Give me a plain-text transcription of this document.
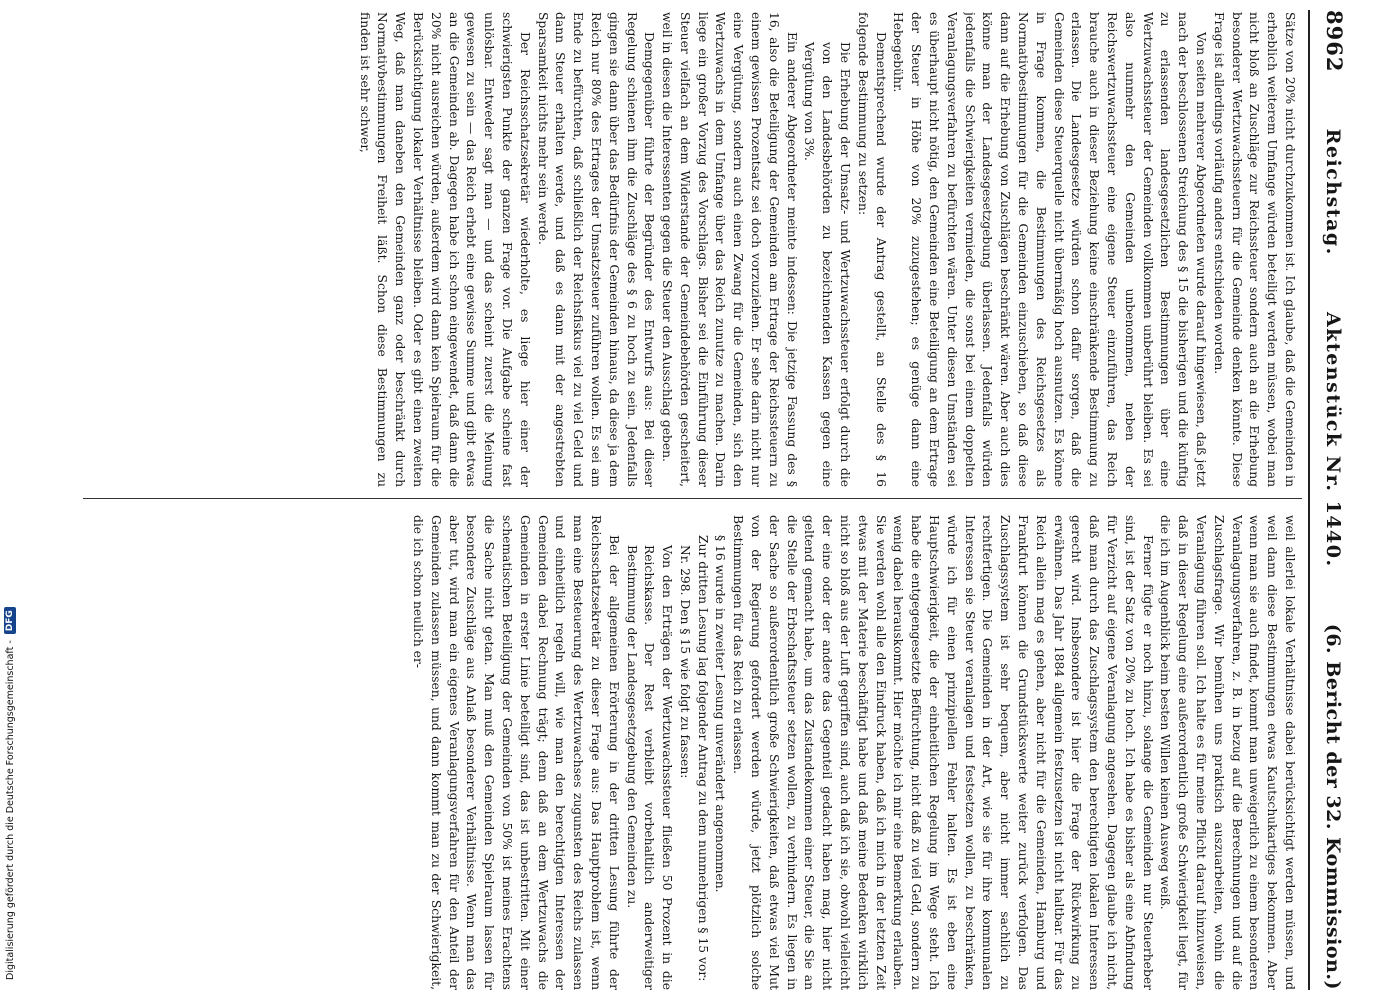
8962
Reichstag.
Aktenstück Nr. 1440.
(6. Bericht der 32. Kommission.)

Sätze von 20% nicht durchzukommen ist. Ich glaube, daß die Gemeinden in erheblich weiterem Umfange würden beteiligt werden müssen, wobei man nicht bloß an Zuschläge zur Reichssteuer sondern auch an die Erhebung besonderer Wertzuwachssteuern für die Gemeinde denken könnte. Diese Frage ist allerdings vorläufig anders entschieden worden.

Von seiten mehrerer Abgeordneten wurde darauf hingewiesen, daß jetzt nach der beschlossenen Streichung des § 15 die bisherigen und die künftig zu erlassenden landesgesetzlichen Bestimmungen über eine Wertzuwachssteuer der Gemeinden vollkommen unberührt bleiben. Es sei also nunmehr den Gemeinden unbenommen, neben der Reichswertzuwachssteuer eine eigene Steuer einzuführen, das Reich brauche auch in dieser Beziehung keine einschränkende Bestimmung zu erlassen. Die Landesgesetze würden schon dafür sorgen, daß die Gemeinden diese Steuerquelle nicht übermäßig hoch ausnutzen. Es könne in Frage kommen, die Bestimmungen des Reichsgesetzes als Normativbestimmungen für die Gemeinden einzuschieben, so daß diese dann auf die Erhebung von Zuschlägen beschränkt wären. Aber auch dies könne man der Landesgesetzgebung überlassen. Jedenfalls würden jedenfalls die Schwierigkeiten vermieden, die sonst bei einem doppelten Veranlagungsverfahren zu befürchten wären. Unter diesen Umständen sei es überhaupt nicht nötig, den Gemeinden eine Beteiligung an dem Ertrage der Steuer in Höhe von 20% zuzugestehen; es genüge dann eine Hebegebühr.

Dementsprechend wurde der Antrag gestellt, an Stelle des § 16 folgende Bestimmung zu setzen:

Die Erhebung der Umsatz- und Wertzuwachssteuer erfolgt durch die von den Landesbehörden zu bezeichnenden Kassen gegen eine Vergütung von 3%.

Ein anderer Abgeordneter meinte indessen: Die jetzige Fassung des § 16, also die Beteiligung der Gemeinden am Ertrage der Reichssteuern zu einem gewissen Prozentsatz sei doch vorzuziehen. Er sehe darin nicht nur eine Vergütung, sondern auch einen Zwang für die Gemeinden, sich den Wertzuwachs in dem Umfange über das Reich zunutze zu machen. Darin liege ein großer Vorzug des Vorschlags. Bisher sei die Einführung dieser Steuer vielfach an dem Widerstande der Gemeindebehörden gescheitert, weil in diesen die Interessenten gegen die Steuer den Ausschlag geben.

Demgegenüber führte der Begründer des Entwurfs aus: Bei dieser Regelung schienen ihm die Zuschläge des § 6 zu hoch zu sein. Jedenfalls gingen sie dann über das Bedürfnis der Gemeinden hinaus, da diese ja dem Reich nur 80% des Ertrages der Umsatzsteuer zuführen wollen. Es sei am Ende zu befürchten, daß schließlich der Reichsfiskus viel zu viel Geld und dann Steuer erhalten werde, und daß es dann mit der angestrebten Sparsamkeit nichts mehr sein werde.

Der Reichsschatzsekretär wiederholte, es liege hier einer der schwierigsten Punkte der ganzen Frage vor. Die Aufgabe scheine fast unlösbar. Entweder sagt man — und das scheint zuerst die Meinung gewesen zu sein — das Reich erhebt eine gewisse Summe und gibt etwas an die Gemeinden ab. Dagegen habe ich schon eingewendet, daß dann die 20% nicht ausreichen würden, außerdem wird dann kein Spielraum für die Berücksichtigung lokaler Verhältnisse bleiben. Oder es gibt einen zweiten Weg, daß man daneben den Gemeinden ganz oder beschränkt durch Normativbestimmungen Freiheit läßt. Schon diese Bestimmungen zu finden ist sehr schwer,

weil allerlei lokale Verhältnisse dabei berücksichtigt werden müssen, und weil dann diese Bestimmungen etwas Kautschukartiges bekommen. Aber wenn man sie auch findet, kommt man unweigerlich zu einem besonderen Veranlagungsverfahren, z. B. in bezug auf die Berechnungen und auf die Zuschlagsfrage. Wir bemühen uns praktisch auszuarbeiten, wohin die Veranlagung führen soll. Ich halte es für meine Pflicht darauf hinzuweisen, daß in dieser Regelung eine außerordentlich große Schwierigkeit liegt, für die ich im Augenblick beim besten Willen keinen Ausweg weiß.

Ferner fügte er noch hinzu, solange die Gemeinden nur Steuerheber sind, ist der Satz von 20% zu hoch. Ich habe es bisher als eine Abfindung für Verzicht auf eigene Veranlagung angesehen. Dagegen glaube ich nicht, daß man durch das Zuschlagssystem den berechtigten lokalen Interessen gerecht wird. Insbesondere ist hier die Frage der Rückwirkung zu erwähnen. Das Jahr 1884 allgemein festzusetzen ist nicht haltbar. Für das Reich allein mag es gehen, aber nicht für die Gemeinden, Hamburg und Frankfurt können die Grundstückswerte weiter zurück verfolgen. Das Zuschlagssystem ist sehr bequem, aber nicht immer sachlich zu rechtfertigen. Die Gemeinden in der Art, wie sie für ihre kommunalen Interessen sie Steuer veranlagen und festsetzen wollen, zu beschränken, würde ich für einen prinzipiellen Fehler halten. Es ist eben eine Hauptschwierigkeit, die der einheitlichen Regelung im Wege steht. Ich habe die entgegengesetzte Befürchtung, nicht daß zu viel Geld, sondern zu wenig dabei herauskommt. Hier möchte ich mir eine Bemerkung erlauben. Sie werden wohl alle den Eindruck haben, daß ich mich in der letzten Zeit etwas mit der Materie beschäftigt habe und daß meine Bedenken wirklich nicht so bloß aus der Luft gegriffen sind, auch daß ich sie, obwohl vielleicht der eine oder der andere das Gegenteil gedacht haben mag, hier nicht geltend gemacht habe, um das Zustandekommen einer Steuer, die Sie an die Stelle der Erbschaftssteuer setzen wollen, zu verhindern. Es liegen in der Sache so außerordentlich große Schwierigkeiten, daß etwas viel Mut von der Regierung gefordert werden würde, jetzt plötzlich solche Bestimmungen für das Reich zu erlassen.

§ 16 wurde in zweiter Lesung unverändert angenommen.

Zur dritten Lesung lag folgender Antrag zu dem nunmehrigen § 15 vor:

Nr. 298. Den § 15 wie folgt zu fassen:

Von den Erträgen der Wertzuwachssteuer fließen 50 Prozent in die Reichskasse. Der Rest verbleibt vorbehaltlich anderweitiger Bestimmung der Landesgesetzgebung den Gemeinden zu.

Bei der allgemeinen Erörterung in der dritten Lesung führte der Reichsschatzsekretär zu dieser Frage aus: Das Hauptproblem ist, wenn man eine Besteuerung des Wertzuwachses zugunsten des Reichs zulassen und einheitlich regeln will, wie man den berechtigten Interessen der Gemeinden dabei Rechnung trägt; denn daß an dem Wertzuwachs die Gemeinden in erster Linie beteiligt sind, das ist unbestritten. Mit einer schematischen Beteiligung der Gemeinden von 50% ist meines Erachtens die Sache nicht getan. Man muß den Gemeinden Spielraum lassen für besondere Zuschläge aus Anlaß besonderer Verhältnisse. Wenn man das aber tut, wird man ein eigenes Veranlagungsverfahren für den Anteil der Gemeinden zulassen müssen, und dann kommt man zu der Schwierigkeit, die ich schon neulich er-

Digitalisierung gefördert durch die Deutsche Forschungsgemeinschaft -
DFG
